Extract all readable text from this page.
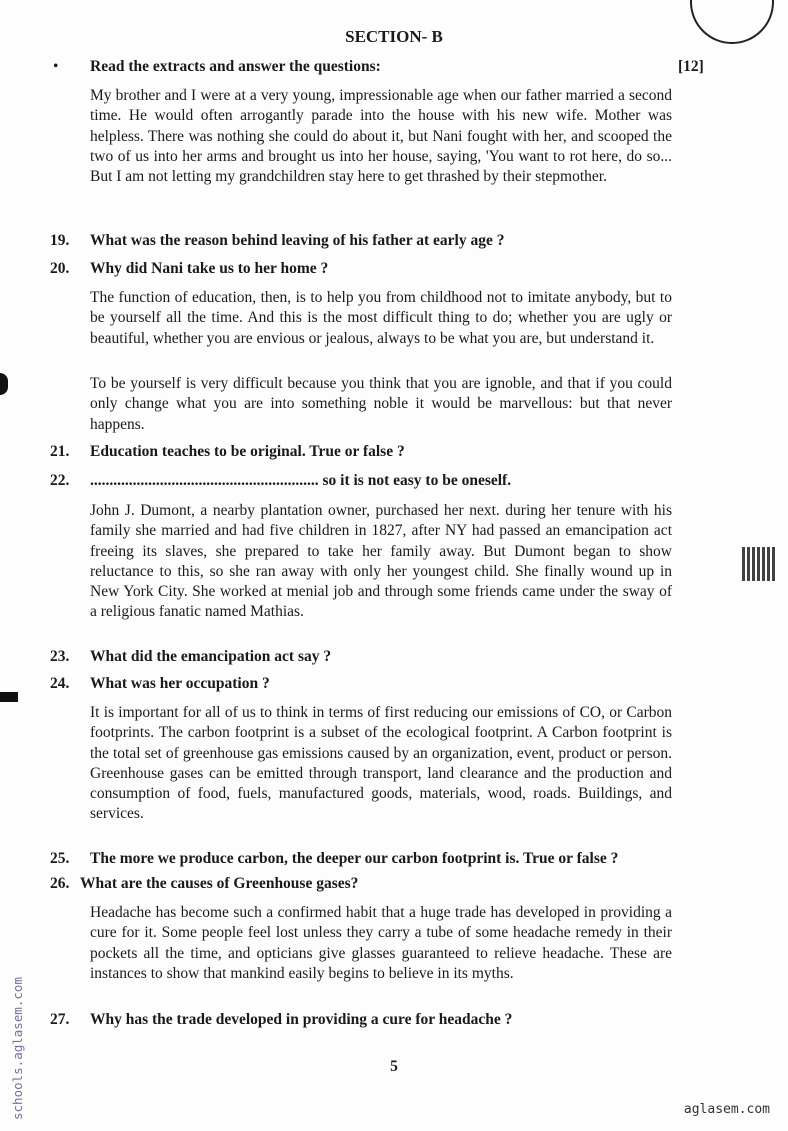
SECTION- B
• Read the extracts and answer the questions:	[12]
My brother and I were at a very young, impressionable age when our father married a second time. He would often arrogantly parade into the house with his new wife. Mother was helpless. There was nothing she could do about it, but Nani fought with her, and scooped the two of us into her arms and brought us into her house, saying, 'You want to rot here, do so... But I am not letting my grandchildren stay here to get thrashed by their stepmother.
19. What was the reason behind leaving of his father at early age ?
20. Why did Nani take us to her home ?
The function of education, then, is to help you from childhood not to imitate anybody, but to be yourself all the time. And this is the most difficult thing to do; whether you are ugly or beautiful, whether you are envious or jealous, always to be what you are, but understand it.
To be yourself is very difficult because you think that you are ignoble, and that if you could only change what you are into something noble it would be marvellous: but that never happens.
21. Education teaches to be original. True or false ?
22. ........................................................... so it is not easy to be oneself.
John J. Dumont, a nearby plantation owner, purchased her next. during her tenure with his family she married and had five children in 1827, after NY had passed an emancipation act freeing its slaves, she prepared to take her family away. But Dumont began to show reluctance to this, so she ran away with only her youngest child. She finally wound up in New York City. She worked at menial job and through some friends came under the sway of a religious fanatic named Mathias.
23. What did the emancipation act say ?
24. What was her occupation ?
It is important for all of us to think in terms of first reducing our emissions of CO, or Carbon footprints. The carbon footprint is a subset of the ecological footprint. A Carbon footprint is the total set of greenhouse gas emissions caused by an organization, event, product or person. Greenhouse gases can be emitted through transport, land clearance and the production and consumption of food, fuels, manufactured goods, materials, wood, roads. Buildings, and services.
25. The more we produce carbon, the deeper our carbon footprint is. True or false ?
26. What are the causes of Greenhouse gases?
Headache has become such a confirmed habit that a huge trade has developed in providing a cure for it. Some people feel lost unless they carry a tube of some headache remedy in their pockets all the time, and opticians give glasses guaranteed to relieve headache. These are instances to show that mankind easily begins to believe in its myths.
27. Why has the trade developed in providing a cure for headache ?
5
aglasem.com
schools.aglasem.com
